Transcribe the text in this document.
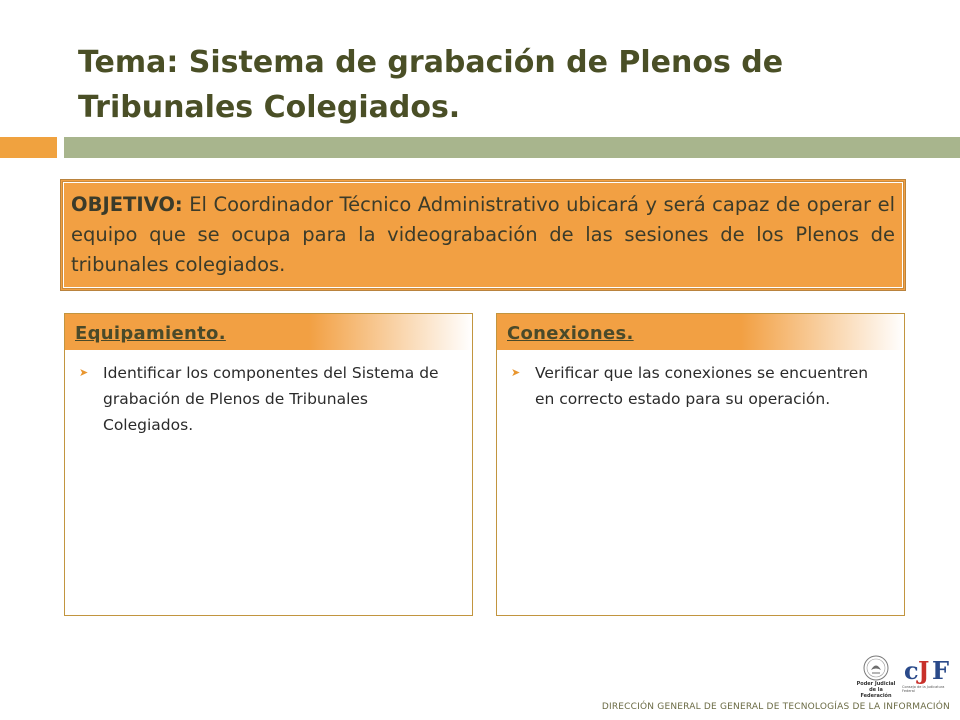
Tema: Sistema de grabación de Plenos de
Tribunales Colegiados.
OBJETIVO: El Coordinador Técnico Administrativo ubicará y será capaz de operar el equipo que se ocupa para la videograbación de las sesiones de los Plenos de tribunales colegiados.
Equipamiento.
➤ Identificar los componentes del Sistema de grabación de Plenos de Tribunales Colegiados.
Conexiones.
➤ Verificar que las conexiones se encuentren en correcto estado para su operación.
Poder Judicial
de la Federación
c J F
Consejo de la Judicatura Federal
DIRECCIÓN GENERAL DE GENERAL DE TECNOLOGÍAS DE LA INFORMACIÓN
